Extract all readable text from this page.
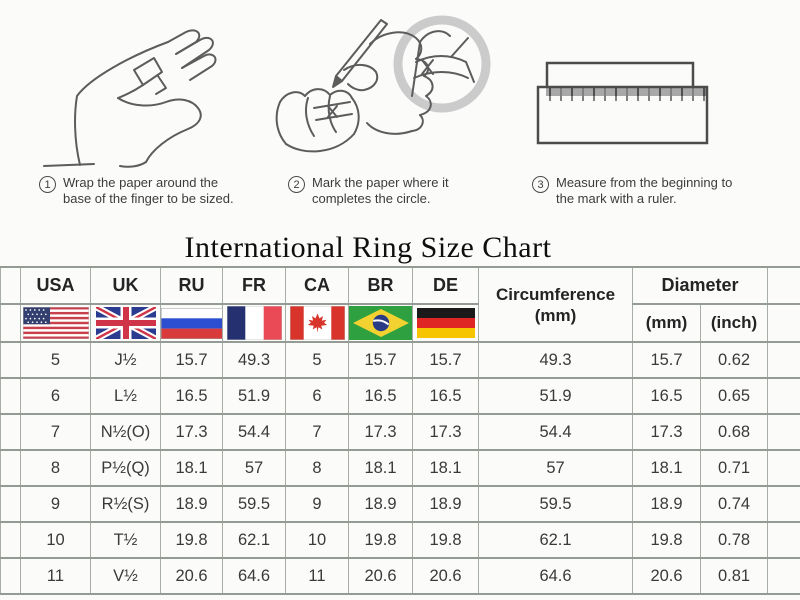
1 Wrap the paper around the
base of the finger to be sized.
2 Mark the paper where it
completes the circle.
3 Measure from the beginning to
the mark with a ruler.
International Ring Size Chart
	USA	UK	RU	FR	CA	BR	DE	Circumference
(mm)	Diameter		

	(mm)	(inch)	
	5	J½	15.7	49.3	5	15.7	15.7	49.3	15.7	0.62	
	6	L½	16.5	51.9	6	16.5	16.5	51.9	16.5	0.65	
	7	N½(O)	17.3	54.4	7	17.3	17.3	54.4	17.3	0.68	
	8	P½(Q)	18.1	57	8	18.1	18.1	57	18.1	0.71	
	9	R½(S)	18.9	59.5	9	18.9	18.9	59.5	18.9	0.74	
	10	T½	19.8	62.1	10	19.8	19.8	62.1	19.8	0.78	
	11	V½	20.6	64.6	11	20.6	20.6	64.6	20.6	0.81	
